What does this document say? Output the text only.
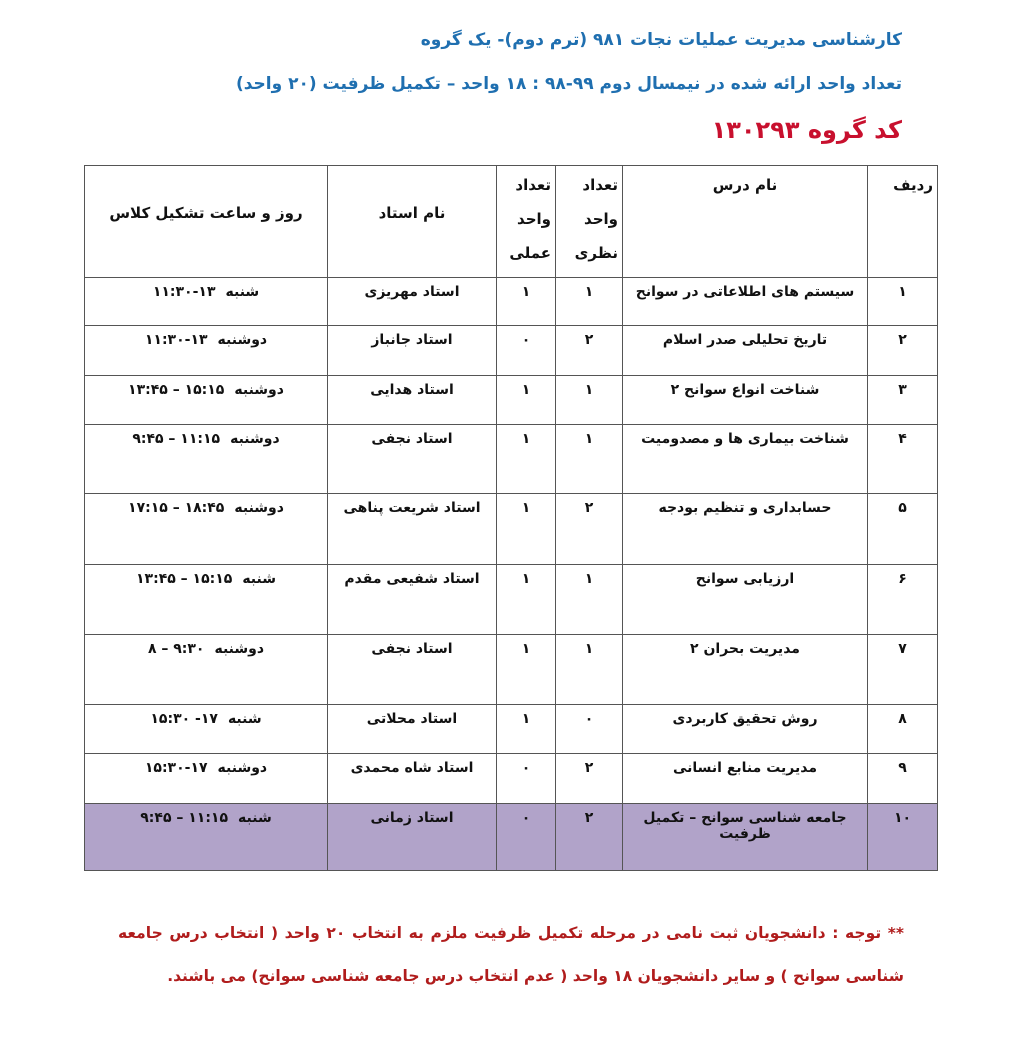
کارشناسی مدیریت عملیات نجات ۹۸۱ (ترم دوم)- یک گروه
تعداد واحد ارائه شده در نیمسال دوم ۹۹-۹۸ : ۱۸ واحد – تکمیل ظرفیت (۲۰ واحد)
کد گروه ۱۳۰۲۹۳
ردیف	نام درس	تعداد واحد نظری	تعداد واحد عملی	نام استاد	روز و ساعت تشکیل کلاس
۱	سیستم های اطلاعاتی در سوانح	۱	۱	استاد مهریزی	شنبه۱۱:۳۰-۱۳
۲	تاریخ تحلیلی صدر اسلام	۲	۰	استاد جانباز	دوشنبه۱۱:۳۰-۱۳
۳	شناخت انواع سوانح ۲	۱	۱	استاد هدایی	دوشنبه۱۳:۴۵ – ۱۵:۱۵
۴	شناخت بیماری ها و مصدومیت	۱	۱	استاد نجفی	دوشنبه۹:۴۵ – ۱۱:۱۵
۵	حسابداری و تنظیم بودجه	۲	۱	استاد شریعت پناهی	دوشنبه۱۷:۱۵ – ۱۸:۴۵
۶	ارزیابی سوانح	۱	۱	استاد شفیعی مقدم	شنبه۱۳:۴۵ – ۱۵:۱۵
۷	مدیریت بحران ۲	۱	۱	استاد نجفی	دوشنبه۸ – ۹:۳۰
۸	روش تحقیق کاربردی	۰	۱	استاد محلاتی	شنبه۱۵:۳۰ -۱۷
۹	مدیریت منابع انسانی	۲	۰	استاد شاه محمدی	دوشنبه۱۵:۳۰-۱۷
۱۰	جامعه شناسی سوانح – تکمیل ظرفیت	۲	۰	استاد زمانی	شنبه۹:۴۵ – ۱۱:۱۵
** توجه : دانشجویان ثبت نامی در مرحله تکمیل ظرفیت ملزم به انتخاب ۲۰ واحد ( انتخاب درس جامعه شناسی سوانح ) و سایر دانشجویان ۱۸ واحد ( عدم انتخاب درس جامعه شناسی سوانح) می باشند.
